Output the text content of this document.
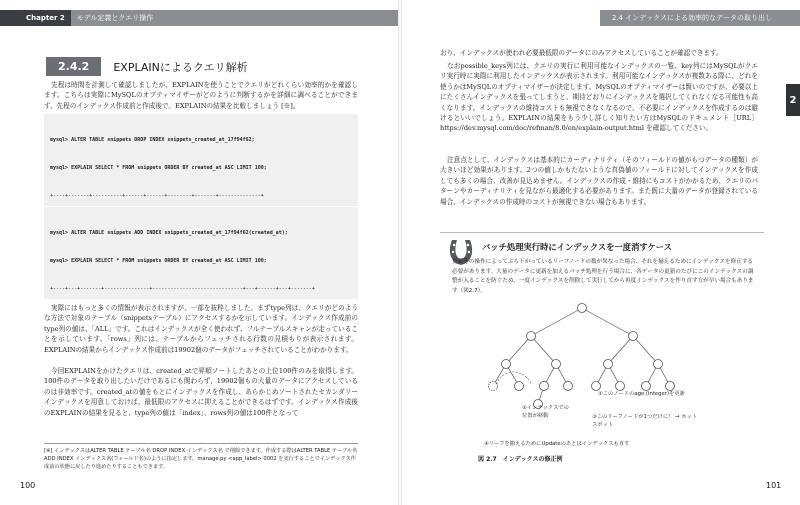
Chapter 2	モデル定義とクエリ操作
2.4.2	EXPLAINによるクエリ解析

先程は時間を計測して確認しましたが、EXPLAINを使うことでクエリがどれくらい効率的かを確認します。こちらは実際にMySQLのオプティマイザーがどのように判断するかを詳細に調べることができます。先程のインデックス作成前と作成後で、EXPLAINの結果を比較しましょう [※]。

mysql> ALTER TABLE snippets DROP INDEX snippets_created_at_17f94f62;

mysql> EXPLAIN SELECT * FROM snippets ORDER BY created_at ASC LIMIT 100;

+----+-------+----------+------+------+--------+-------+--------------+

mysql> ALTER TABLE snippets ADD INDEX snippets_created_at_17f94f62(created_at);

mysql> EXPLAIN SELECT * FROM snippets ORDER BY created_at ASC LIMIT 100;

+----+---+-------+---------------+------------------------------+---+------+---+-------+

実際にはもっと多くの情報が表示されますが、一部を抜粋しました。まずtype列は、クエリがどのような方法で対象のテーブル（snippetsテーブル）にアクセスするかを示しています。インデックス作成前のtype列の値は、「ALL」です。これはインデックスが全く使われず、フルテーブルスキャンが走っていることを示しています。「rows」列には、テーブルからフェッチされる行数の見積もりが表示されます。EXPLAINの結果からインデックス作成前は19902個のデータがフェッチされていることがわかります。

今回EXPLAINをかけたクエリは、created_atで昇順ソートしたあとの上位100件のみを取得します。100件のデータを取り出したいだけであるにも関わらず、19902個もの大量のデータにアクセスしているのは非効率です。created_atの値をもとにインデックスを作成し、あらかじめソートされたセカンダリーインデックスを用意しておけば、最低限のアクセスに抑えることができるはずです。インデックス作成後のEXPLAINの結果を見ると、type列の値は「index」、rows列の値は100件となって

[※] インデックスはALTER TABLE テーブル名 DROP INDEX インデックス名 で削除できます。作成する際はALTER TABLE テーブル名 ADD INDEX インデックス名(フィールド名)のように指定します。manage.py <app_label> 0002 を実行することでインデックス作成前の状態に戻したり進めたりすることもできます。
100
2.4 インデックスによる効率的なデータの取り出し
2

おり、インデックスが使われ必要最低限のデータにのみアクセスしていることが確認できます。

なおpossible_keys列には、クエリの実行に利用可能なインデックスの一覧、key列にはMySQLがクエリ実行時に実際に利用したインデックスが表示されます。利用可能なインデックスが複数ある際に、どれを使うかはMySQLのオプティマイザーが決定します。MySQLのオプティマイザーは賢いのですが、必要以上にたくさんインデックスを張ってしまうと、期待どおりにインデックスを選択してくれなくなる可能性も高くなります。インデックスの維持コストも無視できなくなるので、不必要にインデックスを作成するのは避けるといいでしょう。EXPLAINの結果をもう少し詳しく知りたい方はMySQLのドキュメント［URL］https://dev.mysql.com/doc/refman/8.0/en/explain-output.html を確認してください。

注意点として、インデックスは基本的にカーディナリティ（そのフィールドの値がもつデータの種類）が大きいほど効果があります。2つの値しかもたないような真偽値のフィールドに対してインデックスを作成しても多くの場合、改善が見込めません。インデックスの作成・維持にもコストがかかるため、クエリのパターンやカーディナリティを見ながら最適化する必要があります。また既に大量のデータが登録されている場合、インデックスの作成時のコストが無視できない場合もあります。

バッチ処理実行時にインデックスを一度消すケース
更新等の操作によってぶら下がっているリーフノードの数が異なった場合、それを揃えるためにインデックスを修正する必要があります。大量のデータに更新を加えるバッチ処理を行う場合に、各データの更新のたびにこのインデックスの調整が入ることを防ぐため、一度インデックスを削除して実行してから再度インデックスを作り直す方が早い場合もあります（図2.7）。
①このノードのage (integer)を更新
②インデックスでの位置が移動	③このリーフノードが1つだけに！ → ホットスポット
④リーフを揃えるためにUpdateのあとはインデックスも直す
図 2.7　インデックスの修正例
101
